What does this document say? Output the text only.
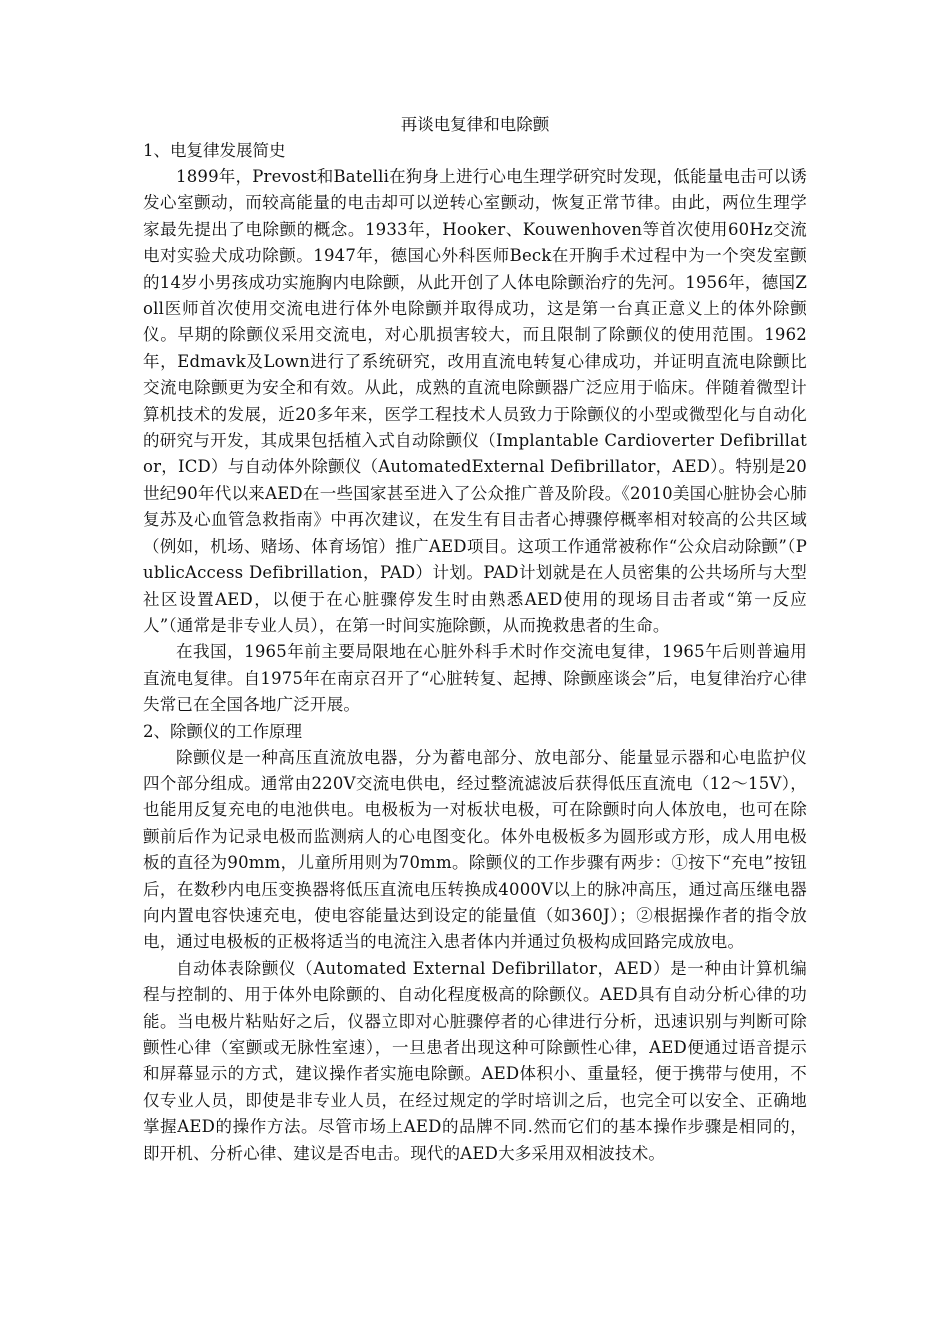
再谈电复律和电除颤
1、电复律发展简史

1899年，Prevost和Batelli在狗身上进行心电生理学研究时发现，低能量电击可以诱发心室颤动，而较高能量的电击却可以逆转心室颤动，恢复正常节律。由此，两位生理学家最先提出了电除颤的概念。1933年，Hooker、Kouwenhoven等首次使用60Hz交流电对实验犬成功除颤。1947年，德国心外科医师Beck在开胸手术过程中为一个突发室颤的14岁小男孩成功实施胸内电除颤，从此开创了人体电除颤治疗的先河。1956年，德国Zoll医师首次使用交流电进行体外电除颤并取得成功，这是第一台真正意义上的体外除颤仪。早期的除颤仪采用交流电，对心肌损害较大，而且限制了除颤仪的使用范围。1962年，Edmavk及Lown进行了系统研究，改用直流电转复心律成功，并证明直流电除颤比交流电除颤更为安全和有效。从此，成熟的直流电除颤器广泛应用于临床。伴随着微型计算机技术的发展，近20多年来，医学工程技术人员致力于除颤仪的小型或微型化与自动化的研究与开发，其成果包括植入式自动除颤仪（Implantable Cardioverter Defibrillator，ICD）与自动体外除颤仪（AutomatedExternal Defibrillator，AED）。特别是20世纪90年代以来AED在一些国家甚至进入了公众推广普及阶段。《2010美国心脏协会心肺复苏及心血管急救指南》中再次建议，在发生有目击者心搏骤停概率相对较高的公共区域（例如，机场、赌场、体育场馆）推广AED项目。这项工作通常被称作“公众启动除颤”（PublicAccess Defibrillation，PAD）计划。PAD计划就是在人员密集的公共场所与大型社区设置AED，以便于在心脏骤停发生时由熟悉AED使用的现场目击者或“第一反应人”（通常是非专业人员），在第一时间实施除颤，从而挽救患者的生命。

在我国，1965年前主要局限地在心脏外科手术时作交流电复律，1965午后则普遍用直流电复律。自1975年在南京召开了“心脏转复、起搏、除颤座谈会”后，电复律治疗心律失常已在全国各地广泛开展。

2、除颤仪的工作原理

除颤仪是一种高压直流放电器，分为蓄电部分、放电部分、能量显示器和心电监护仪四个部分组成。通常由220V交流电供电，经过整流滤波后获得低压直流电（12～15V），也能用反复充电的电池供电。电极板为一对板状电极，可在除颤时向人体放电，也可在除颤前后作为记录电极而监测病人的心电图变化。体外电极板多为圆形或方形，成人用电极板的直径为90mm，儿童所用则为70mm。除颤仪的工作步骤有两步：①按下“充电”按钮后，在数秒内电压变换器将低压直流电压转换成4000V以上的脉冲高压，通过高压继电器向内置电容快速充电，使电容能量达到设定的能量值（如360J）；②根据操作者的指令放电，通过电极板的正极将适当的电流注入患者体内并通过负极构成回路完成放电。

自动体表除颤仪（Automated External Defibrillator，AED）是一种由计算机编程与控制的、用于体外电除颤的、自动化程度极高的除颤仪。AED具有自动分析心律的功能。当电极片粘贴好之后，仪器立即对心脏骤停者的心律进行分析，迅速识别与判断可除颤性心律（室颤或无脉性室速），一旦患者出现这种可除颤性心律，AED便通过语音提示和屏幕显示的方式，建议操作者实施电除颤。AED体积小、重量轻，便于携带与使用，不仅专业人员，即使是非专业人员，在经过规定的学时培训之后，也完全可以安全、正确地掌握AED的操作方法。尽管市场上AED的品牌不同.然而它们的基本操作步骤是相同的，即开机、分析心律、建议是否电击。现代的AED大多采用双相波技术。
